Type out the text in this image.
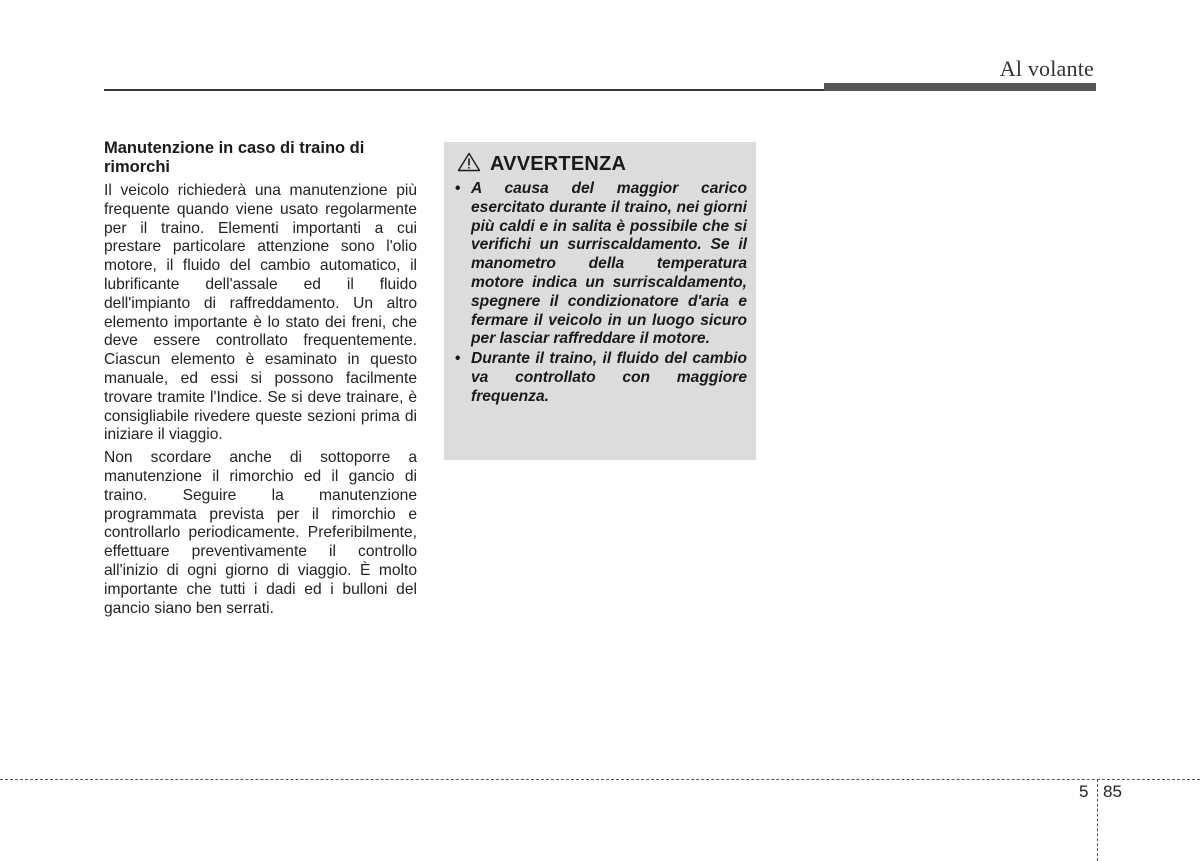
Al volante
Manutenzione in caso di traino di rimorchi

Il veicolo richiederà una manutenzione più frequente quando viene usato regolarmente per il traino. Elementi importanti a cui prestare particolare attenzione sono l'olio motore, il fluido del cambio automatico, il lubrificante dell'assale ed il fluido dell'impianto di raffreddamento. Un altro elemento importante è lo stato dei freni, che deve essere controllato frequentemente. Ciascun elemento è esaminato in questo manuale, ed essi si possono facilmente trovare tramite l'Indice. Se si deve trainare, è consigliabile rivedere queste sezioni prima di iniziare il viaggio.

Non scordare anche di sottoporre a manutenzione il rimorchio ed il gancio di traino. Seguire la manutenzione programmata prevista per il rimorchio e controllarlo periodicamente. Preferibilmente, effettuare preventivamente il controllo all'inizio di ogni giorno di viaggio. È molto importante che tutti i dadi ed i bulloni del gancio siano ben serrati.

AVVERTENZA
• A causa del maggior carico esercitato durante il traino, nei giorni più caldi e in salita è possibile che si verifichi un surriscaldamento. Se il manometro della temperatura motore indica un surriscaldamento, spegnere il condizionatore d'aria e fermare il veicolo in un luogo sicuro per lasciar raffreddare il motore.
• Durante il traino, il fluido del cambio va controllato con maggiore frequenza.
5 85
